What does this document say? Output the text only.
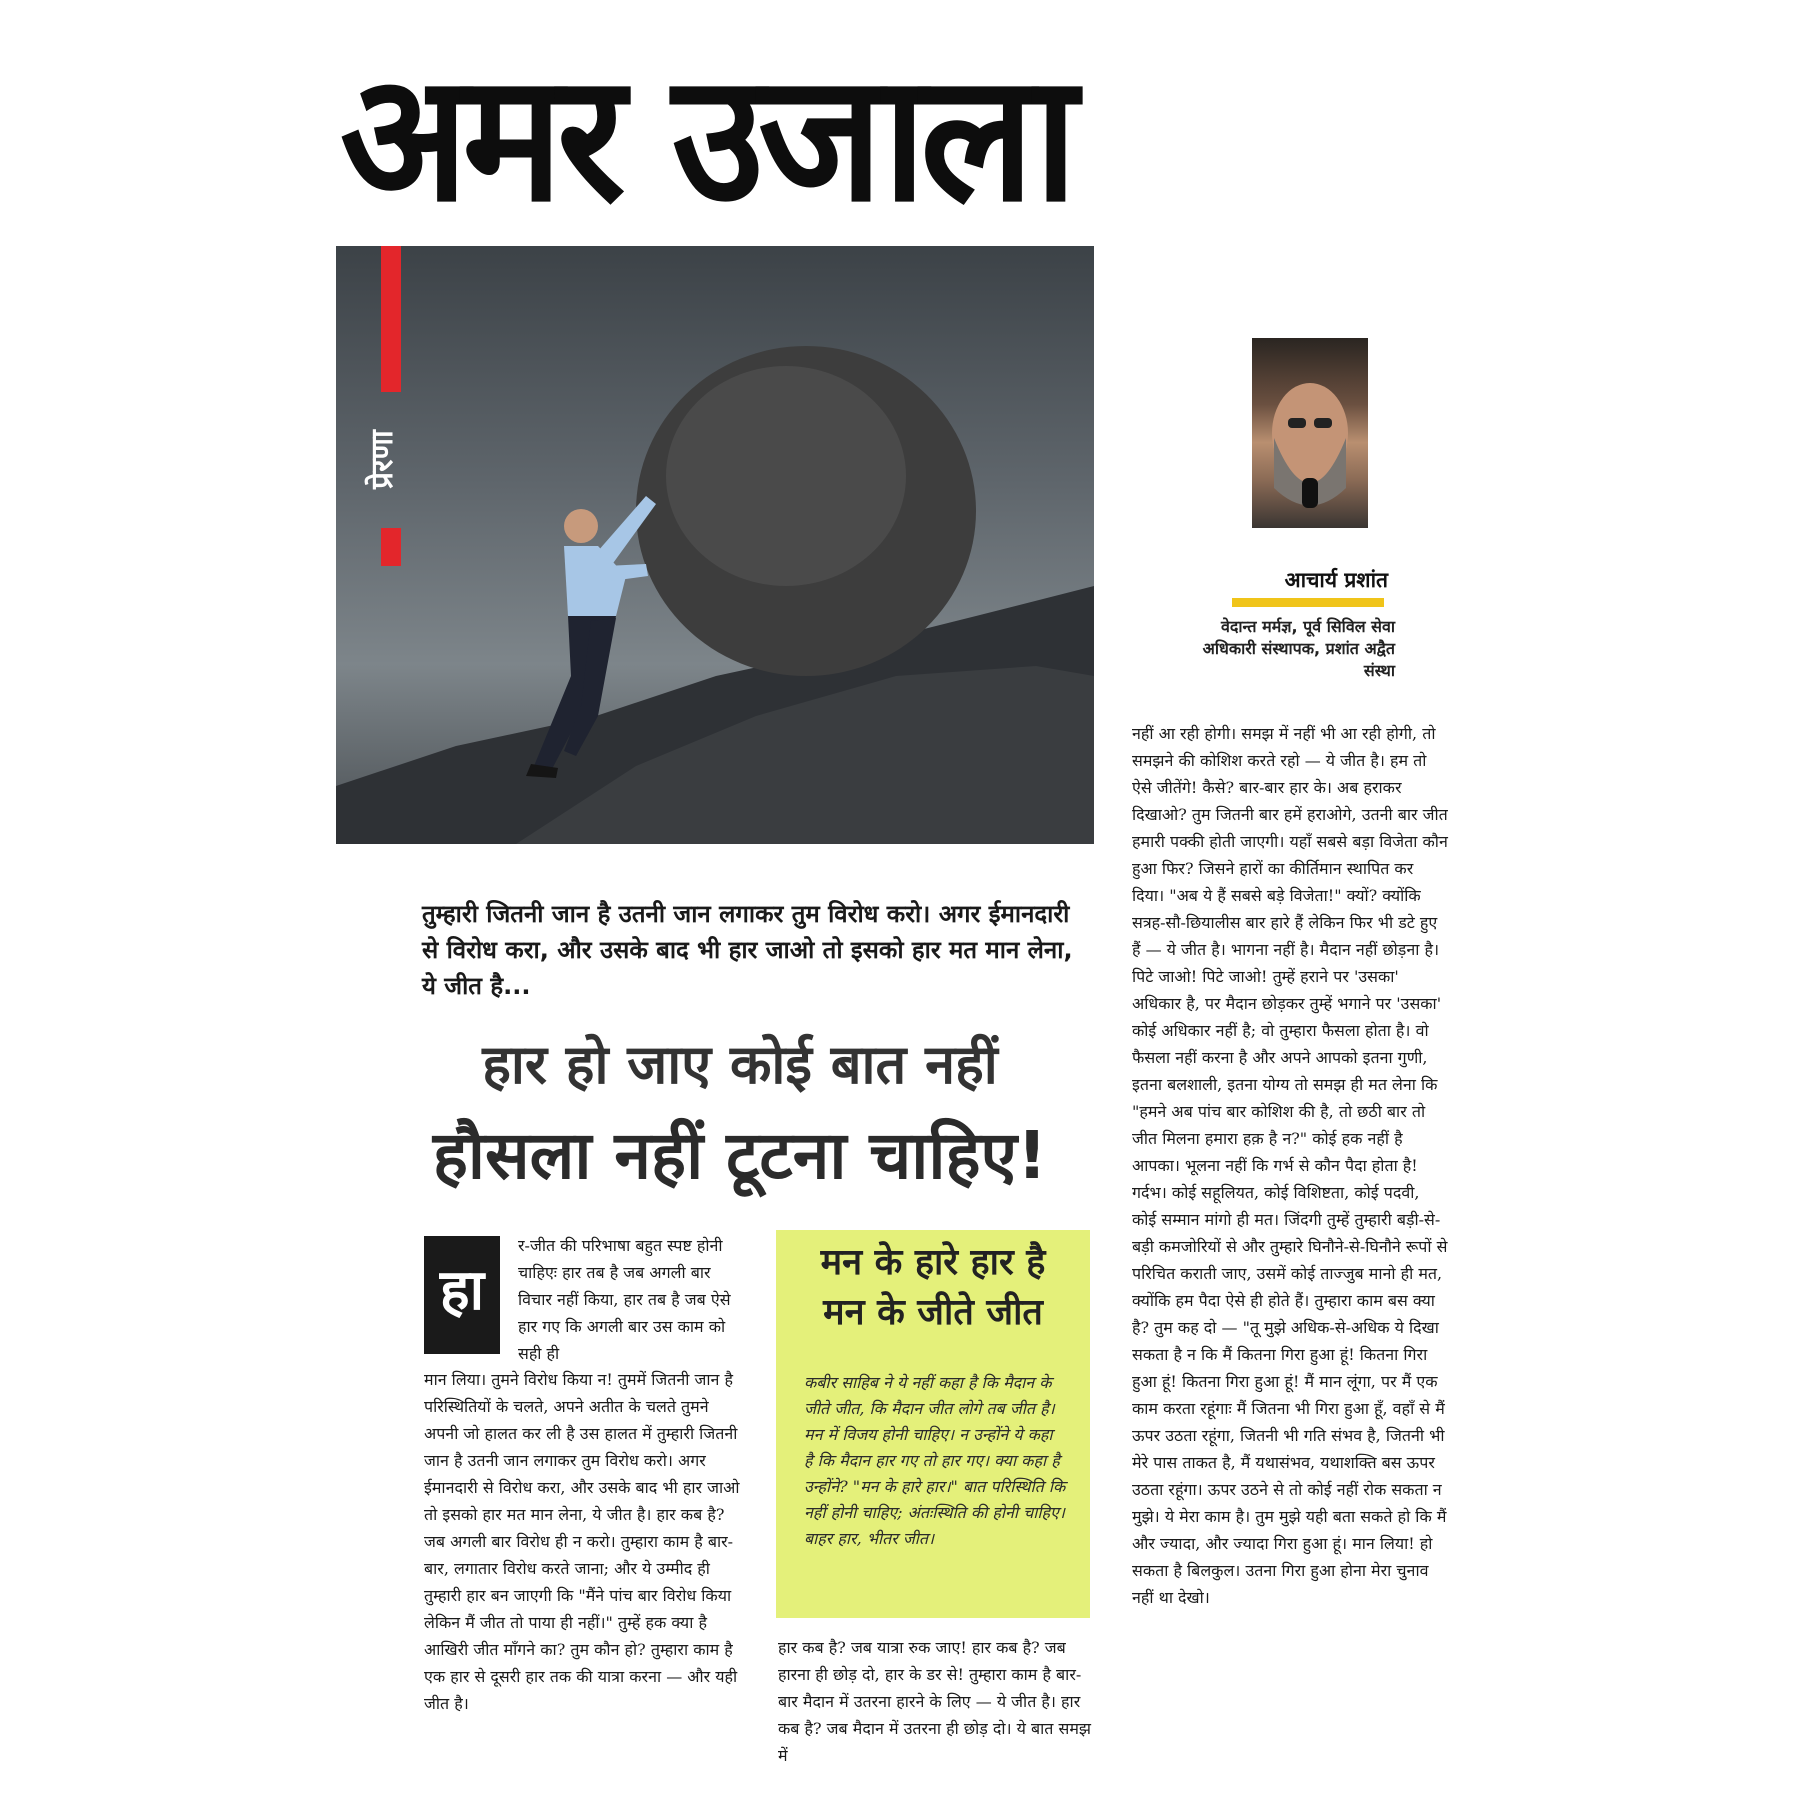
अमर उजाला
प्रेरणा
आचार्य प्रशांत
वेदान्त मर्मज्ञ, पूर्व सिविल सेवा अधिकारी संस्थापक, प्रशांत अद्वैत संस्था
तुम्हारी जितनी जान है उतनी जान लगाकर तुम विरोध करो। अगर ईमानदारी से विरोध करा, और उसके बाद भी हार जाओ तो इसको हार मत मान लेना, ये जीत है...
हार हो जाए कोई बात नहीं
हौसला नहीं टूटना चाहिए!
हा
र-जीत की परिभाषा बहुत स्पष्ट होनी चाहिएः हार तब है जब अगली बार विचार नहीं किया, हार तब है जब ऐसे हार गए कि अगली बार उस काम को सही ही
मान लिया। तुमने विरोध किया न! तुममें जितनी जान है परिस्थितियों के चलते, अपने अतीत के चलते तुमने अपनी जो हालत कर ली है उस हालत में तुम्हारी जितनी जान है उतनी जान लगाकर तुम विरोध करो। अगर ईमानदारी से विरोध करा, और उसके बाद भी हार जाओ तो इसको हार मत मान लेना, ये जीत है। हार कब है? जब अगली बार विरोध ही न करो। तुम्हारा काम है बार-बार, लगातार विरोध करते जाना; और ये उम्मीद ही तुम्हारी हार बन जाएगी कि "मैंने पांच बार विरोध किया लेकिन मैं जीत तो पाया ही नहीं।" तुम्हें हक क्या है आखिरी जीत माँगने का? तुम कौन हो? तुम्हारा काम है एक हार से दूसरी हार तक की यात्रा करना — और यही जीत है।
मन के हारे हार है
मन के जीते जीत
कबीर साहिब ने ये नहीं कहा है कि मैदान के जीते जीत, कि मैदान जीत लोगे तब जीत है। मन में विजय होनी चाहिए। न उन्होंने ये कहा है कि मैदान हार गए तो हार गए। क्या कहा है उन्होंने? "मन के हारे हार।" बात परिस्थिति कि नहीं होनी चाहिए; अंतःस्थिति की होनी चाहिए। बाहर हार, भीतर जीत।
हार कब है? जब यात्रा रुक जाए! हार कब है? जब हारना ही छोड़ दो, हार के डर से! तुम्हारा काम है बार-बार मैदान में उतरना हारने के लिए — ये जीत है। हार कब है? जब मैदान में उतरना ही छोड़ दो। ये बात समझ में
नहीं आ रही होगी। समझ में नहीं भी आ रही होगी, तो समझने की कोशिश करते रहो — ये जीत है। हम तो ऐसे जीतेंगे! कैसे? बार-बार हार के। अब हराकर दिखाओ? तुम जितनी बार हमें हराओगे, उतनी बार जीत हमारी पक्की होती जाएगी। यहाँ सबसे बड़ा विजेता कौन हुआ फिर? जिसने हारों का कीर्तिमान स्थापित कर दिया। "अब ये हैं सबसे बड़े विजेता!" क्यों? क्योंकि सत्रह-सौ-छियालीस बार हारे हैं लेकिन फिर भी डटे हुए हैं — ये जीत है। भागना नहीं है। मैदान नहीं छोड़ना है। पिटे जाओ! पिटे जाओ! तुम्हें हराने पर 'उसका' अधिकार है, पर मैदान छोड़कर तुम्हें भगाने पर 'उसका' कोई अधिकार नहीं है; वो तुम्हारा फैसला होता है। वो फैसला नहीं करना है और अपने आपको इतना गुणी, इतना बलशाली, इतना योग्य तो समझ ही मत लेना कि "हमने अब पांच बार कोशिश की है, तो छठी बार तो जीत मिलना हमारा हक़ है न?" कोई हक नहीं है आपका। भूलना नहीं कि गर्भ से कौन पैदा होता है! गर्दभ। कोई सहूलियत, कोई विशिष्टता, कोई पदवी, कोई सम्मान मांगो ही मत। जिंदगी तुम्हें तुम्हारी बड़ी-से-बड़ी कमजोरियों से और तुम्हारे घिनौने-से-घिनौने रूपों से परिचित कराती जाए, उसमें कोई ताज्जुब मानो ही मत, क्योंकि हम पैदा ऐसे ही होते हैं। तुम्हारा काम बस क्या है? तुम कह दो — "तू मुझे अधिक-से-अधिक ये दिखा सकता है न कि मैं कितना गिरा हुआ हूं! कितना गिरा हुआ हूं! कितना गिरा हुआ हूं! मैं मान लूंगा, पर मैं एक काम करता रहूंगाः मैं जितना भी गिरा हुआ हूँ, वहाँ से मैं ऊपर उठता रहूंगा, जितनी भी गति संभव है, जितनी भी मेरे पास ताकत है, मैं यथासंभव, यथाशक्ति बस ऊपर उठता रहूंगा। ऊपर उठने से तो कोई नहीं रोक सकता न मुझे। ये मेरा काम है। तुम मुझे यही बता सकते हो कि मैं और ज्यादा, और ज्यादा गिरा हुआ हूं। मान लिया! हो सकता है बिलकुल। उतना गिरा हुआ होना मेरा चुनाव नहीं था देखो।
